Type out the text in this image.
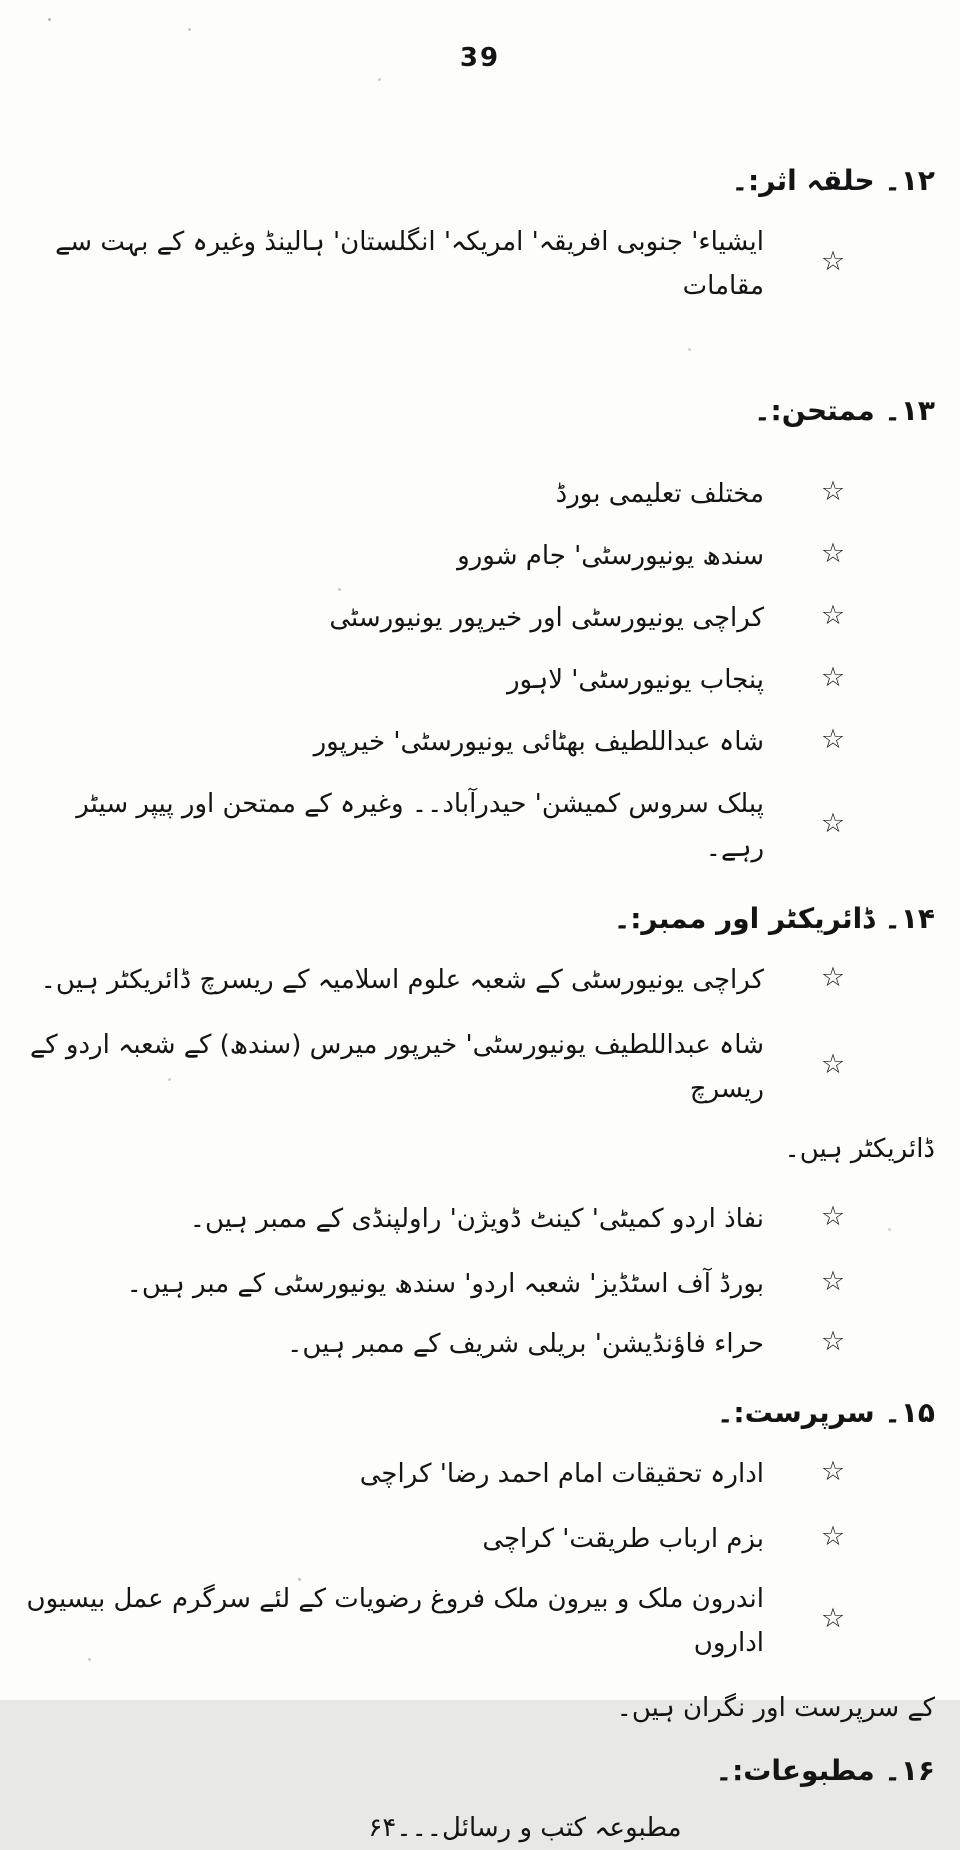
39
۱۲۔ حلقہ اثر:۔
☆
ایشیاء' جنوبی افریقہ' امریکہ' انگلستان' ہالینڈ وغیرہ کے بہت سے مقامات
۱۳۔ ممتحن:۔
☆
مختلف تعلیمی بورڈ
☆
سندھ یونیورسٹی' جام شورو
☆
کراچی یونیورسٹی اور خیرپور یونیورسٹی
☆
پنجاب یونیورسٹی' لاہور
☆
شاہ عبداللطیف بھٹائی یونیورسٹی' خیرپور
☆
پبلک سروس کمیشن' حیدرآباد۔۔ وغیرہ کے ممتحن اور پیپر سیٹر رہے۔
۱۴۔ ڈائریکٹر اور ممبر:۔
☆
کراچی یونیورسٹی کے شعبہ علوم اسلامیہ کے ریسرچ ڈائریکٹر ہیں۔
☆
شاہ عبداللطیف یونیورسٹی' خیرپور میرس (سندھ) کے شعبہ اردو کے ریسرچ
ڈائریکٹر ہیں۔
☆
نفاذ اردو کمیٹی' کینٹ ڈویژن' راولپنڈی کے ممبر ہیں۔
☆
بورڈ آف اسٹڈیز' شعبہ اردو' سندھ یونیورسٹی کے مبر ہیں۔
☆
حراء فاؤنڈیشن' بریلی شریف کے ممبر ہیں۔
۱۵۔ سرپرست:۔
☆
ادارہ تحقیقات امام احمد رضا' کراچی
☆
بزم ارباب طریقت' کراچی
☆
اندرون ملک و بیرون ملک فروغ رضویات کے لئے سرگرم عمل بیسیوں اداروں
کے سرپرست اور نگران ہیں۔
۱۶۔ مطبوعات:۔
مطبوعہ کتب و رسائل۔۔۔۶۴
